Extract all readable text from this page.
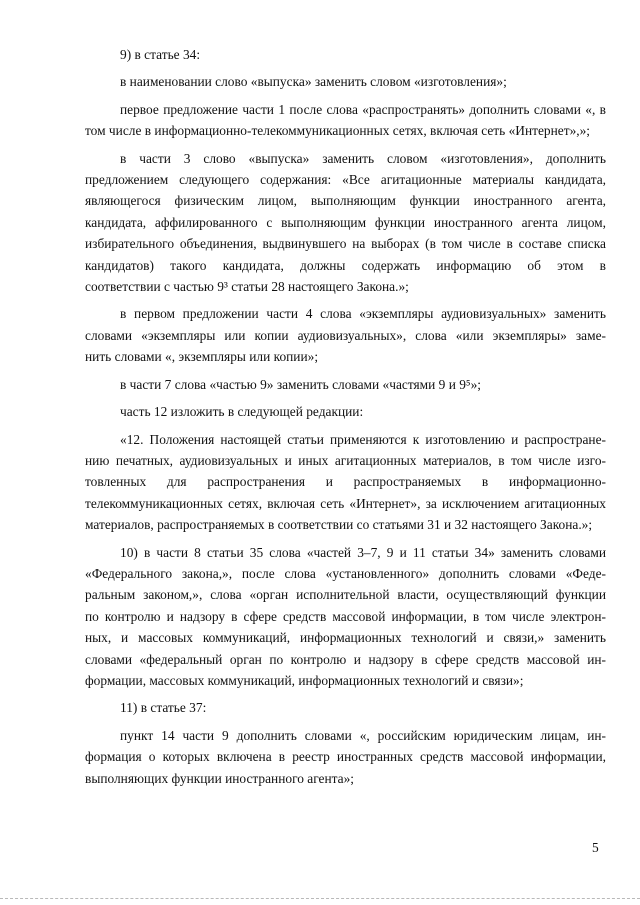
9) в статье 34:
в наименовании слово «выпуска» заменить словом «изготовления»;
первое предложение части 1 после слова «распространять» дополнить словами «, в
том числе в информационно-телекоммуникационных сетях, включая сеть «Интернет»,»;
в части 3 слово «выпуска» заменить словом «изготовления», дополнить
предложением следующего содержания: «Все агитационные материалы кандидата,
являющегося физическим лицом, выполняющим функции иностранного агента,
кандидата, аффилированного с выполняющим функции иностранного агента лицом,
избирательного объединения, выдвинувшего на выборах (в том числе в составе списка
кандидатов) такого кандидата, должны содержать информацию об этом в
соответствии с частью 9³ статьи 28 настоящего Закона.»;
в первом предложении части 4 слова «экземпляры аудиовизуальных» заменить
словами «экземпляры или копии аудиовизуальных», слова «или экземпляры» заме-
нить словами «, экземпляры или копии»;
в части 7 слова «частью 9» заменить словами «частями 9 и 9⁵»;
часть 12 изложить в следующей редакции:
«12. Положения настоящей статьи применяются к изготовлению и распростране-
нию печатных, аудиовизуальных и иных агитационных материалов, в том числе изго-
товленных для распространения и распространяемых в информационно-
телекоммуникационных сетях, включая сеть «Интернет», за исключением агитационных
материалов, распространяемых в соответствии со статьями 31 и 32 настоящего Закона.»;
10) в части 8 статьи 35 слова «частей 3–7, 9 и 11 статьи 34» заменить словами
«Федерального закона,», после слова «установленного» дополнить словами «Феде-
ральным законом,», слова «орган исполнительной власти, осуществляющий функции
по контролю и надзору в сфере средств массовой информации, в том числе электрон-
ных, и массовых коммуникаций, информационных технологий и связи,» заменить
словами «федеральный орган по контролю и надзору в сфере средств массовой ин-
формации, массовых коммуникаций, информационных технологий и связи»;
11) в статье 37:
пункт 14 части 9 дополнить словами «, российским юридическим лицам, ин-
формация о которых включена в реестр иностранных средств массовой информации,
выполняющих функции иностранного агента»;
5
